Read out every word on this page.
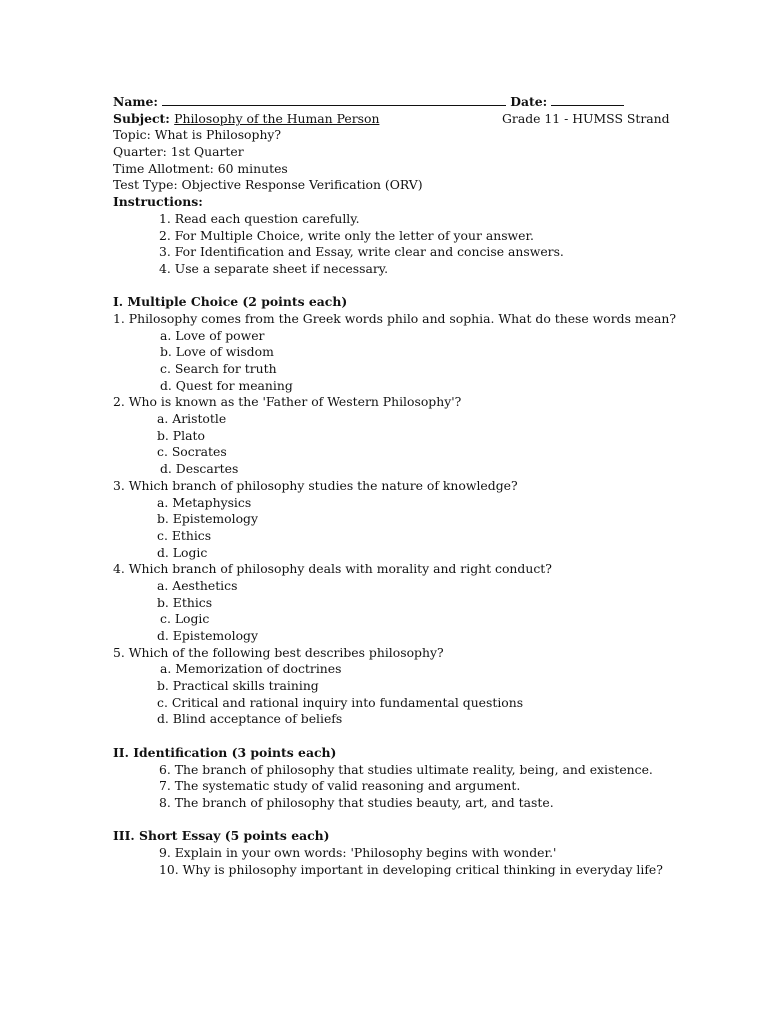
Name:	Date:
Subject: Philosophy of the Human Person	Grade 11 - HUMSS Strand
Topic: What is Philosophy?
Quarter: 1st Quarter
Time Allotment: 60 minutes
Test Type: Objective Response Verification (ORV)
Instructions:
1. Read each question carefully.
2. For Multiple Choice, write only the letter of your answer.
3. For Identification and Essay, write clear and concise answers.
4. Use a separate sheet if necessary.
I. Multiple Choice (2 points each)
1. Philosophy comes from the Greek words philo and sophia. What do these words mean?
a. Love of power
b. Love of wisdom
c. Search for truth
d. Quest for meaning
2. Who is known as the 'Father of Western Philosophy'?
a. Aristotle
b. Plato
c. Socrates
d. Descartes
3. Which branch of philosophy studies the nature of knowledge?
a. Metaphysics
b. Epistemology
c. Ethics
d. Logic
4. Which branch of philosophy deals with morality and right conduct?
a. Aesthetics
b. Ethics
c. Logic
d. Epistemology
5. Which of the following best describes philosophy?
a. Memorization of doctrines
b. Practical skills training
c. Critical and rational inquiry into fundamental questions
d. Blind acceptance of beliefs
II. Identification (3 points each)
6. The branch of philosophy that studies ultimate reality, being, and existence.
7. The systematic study of valid reasoning and argument.
8. The branch of philosophy that studies beauty, art, and taste.
III. Short Essay (5 points each)
9. Explain in your own words: 'Philosophy begins with wonder.'
10. Why is philosophy important in developing critical thinking in everyday life?
